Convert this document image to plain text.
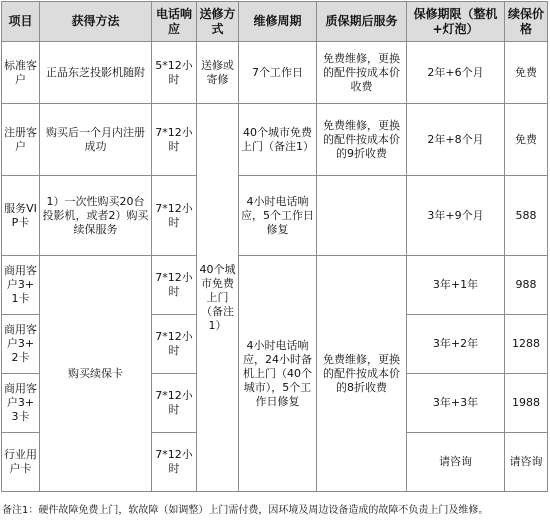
项目	获得方法	电话响应	送修方式	维修周期	质保期后服务	保修期限（整机+灯泡）	续保价格
标准客户	正品东芝投影机随附	5*12小时	送修或寄修	7个工作日	免费维修，更换的配件按成本价收费	2年+6个月	免费
注册客户	购买后一个月内注册成功	7*12小时	40个城市免费上门（备注1）	40个城市免费上门（备注1）	免费维修，更换的配件按成本价的9折收费	2年+8个月	免费
服务VIP卡	1）一次性购买20台投影机，或者2）购买续保服务	7*12小时		4小时电话响应，5个工作日修复		3年+9个月	588
商用客户3+1卡	购买续保卡	7*12小时		4小时电话响应，24小时备机上门（40个城市），5个工作日修复	免费维修，更换的配件按成本价的8折收费	3年+1年	988
商用客户3+2卡		7*12小时				3年+2年	1288
商用客户3+3卡		7*12小时				3年+3年	1988
行业用户卡		7*12小时				请咨询	请咨询
备注1：硬件故障免费上门，软故障（如调整）上门需付费，因环境及周边设备造成的故障不负责上门及维修。
